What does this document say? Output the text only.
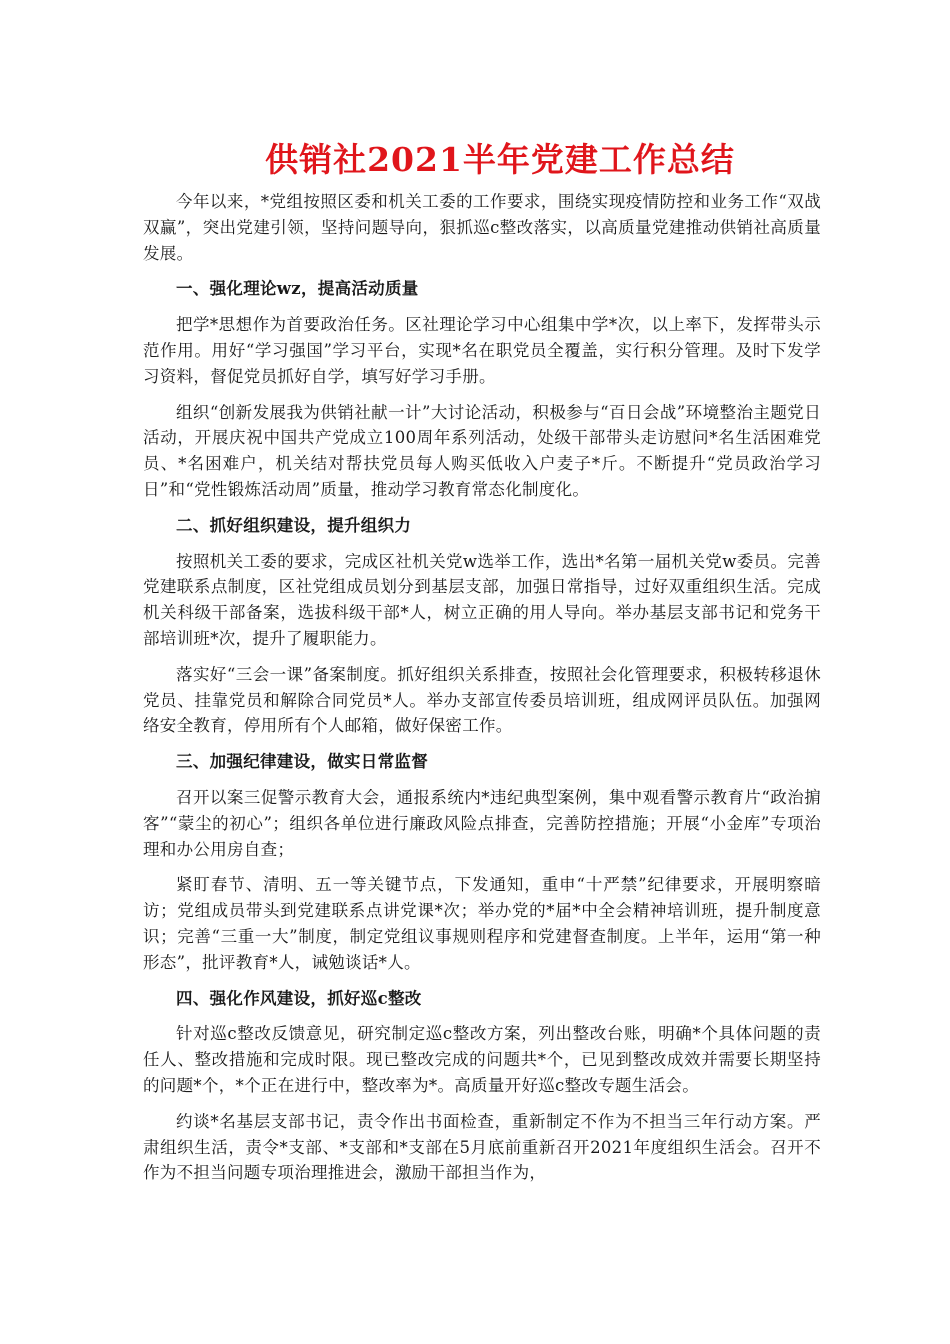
供销社2021半年党建工作总结

今年以来，*党组按照区委和机关工委的工作要求，围绕实现疫情防控和业务工作“双战双赢”，突出党建引领，坚持问题导向，狠抓巡c整改落实，以高质量党建推动供销社高质量发展。

一、强化理论wz，提高活动质量

把学*思想作为首要政治任务。区社理论学习中心组集中学*次，以上率下，发挥带头示范作用。用好“学习强国”学习平台，实现*名在职党员全覆盖，实行积分管理。及时下发学习资料，督促党员抓好自学，填写好学习手册。

组织“创新发展我为供销社献一计”大讨论活动，积极参与“百日会战”环境整治主题党日活动，开展庆祝中国共产党成立100周年系列活动，处级干部带头走访慰问*名生活困难党员、*名困难户，机关结对帮扶党员每人购买低收入户麦子*斤。不断提升“党员政治学习日”和“党性锻炼活动周”质量，推动学习教育常态化制度化。

二、抓好组织建设，提升组织力

按照机关工委的要求，完成区社机关党w选举工作，选出*名第一届机关党w委员。完善党建联系点制度，区社党组成员划分到基层支部，加强日常指导，过好双重组织生活。完成机关科级干部备案，选拔科级干部*人，树立正确的用人导向。举办基层支部书记和党务干部培训班*次，提升了履职能力。

落实好“三会一课”备案制度。抓好组织关系排查，按照社会化管理要求，积极转移退休党员、挂靠党员和解除合同党员*人。举办支部宣传委员培训班，组成网评员队伍。加强网络安全教育，停用所有个人邮箱，做好保密工作。

三、加强纪律建设，做实日常监督

召开以案三促警示教育大会，通报系统内*违纪典型案例，集中观看警示教育片“政治掮客”“蒙尘的初心”；组织各单位进行廉政风险点排查，完善防控措施；开展“小金库”专项治理和办公用房自查；

紧盯春节、清明、五一等关键节点，下发通知，重申“十严禁”纪律要求，开展明察暗访；党组成员带头到党建联系点讲党课*次；举办党的*届*中全会精神培训班，提升制度意识；完善“三重一大”制度，制定党组议事规则程序和党建督查制度。上半年，运用“第一种形态”，批评教育*人，诫勉谈话*人。

四、强化作风建设，抓好巡c整改

针对巡c整改反馈意见，研究制定巡c整改方案，列出整改台账，明确*个具体问题的责任人、整改措施和完成时限。现已整改完成的问题共*个，已见到整改成效并需要长期坚持的问题*个，*个正在进行中，整改率为*。高质量开好巡c整改专题生活会。

约谈*名基层支部书记，责令作出书面检查，重新制定不作为不担当三年行动方案。严肃组织生活，责令*支部、*支部和*支部在5月底前重新召开2021年度组织生活会。召开不作为不担当问题专项治理推进会，激励干部担当作为，
